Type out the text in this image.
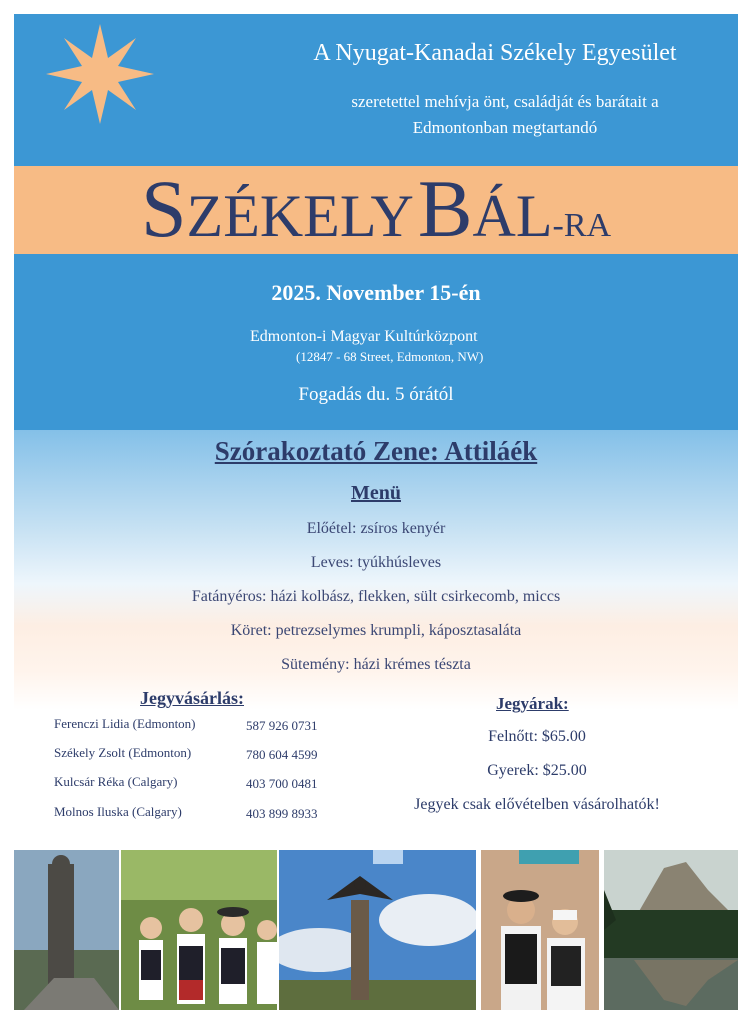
A Nyugat-Kanadai Székely Egyesület
szeretettel mehívja önt, családját és barátait a
Edmontonban megtartandó
SZÉKELY BÁL-RA
2025. November 15-én
Edmonton-i Magyar Kultúrközpont
(12847 - 68 Street, Edmonton, NW)
Fogadás du. 5 órától
Szórakoztató Zene: Attiláék
Menü
Előétel: zsíros kenyér
Leves: tyúkhúsleves
Fatányéros: házi kolbász, flekken, sült csirkecomb, miccs
Köret: petrezselymes krumpli, káposztasaláta
Sütemény: házi krémes tészta
Jegyvásárlás:
Ferenczi Lidia (Edmonton)	587 926 0731
Székely Zsolt (Edmonton)	780 604 4599
Kulcsár Réka (Calgary)	403 700 0481
Molnos Iluska (Calgary)	403 899 8933
Jegyárak:
Felnőtt: $65.00
Gyerek: $25.00
Jegyek csak elővételben vásárolhatók!
